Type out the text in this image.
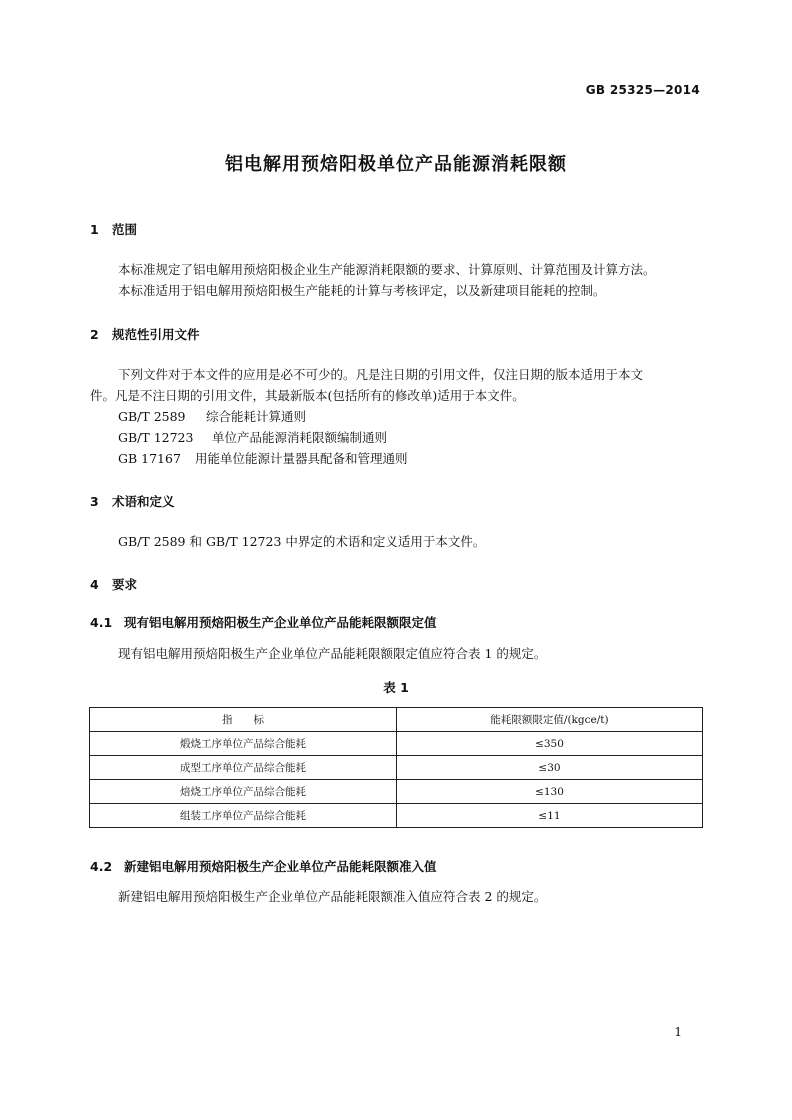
GB 25325—2014
铝电解用预焙阳极单位产品能源消耗限额
1 范围
本标准规定了铝电解用预焙阳极企业生产能源消耗限额的要求、计算原则、计算范围及计算方法。
本标准适用于铝电解用预焙阳极生产能耗的计算与考核评定，以及新建项目能耗的控制。
2 规范性引用文件
下列文件对于本文件的应用是必不可少的。凡是注日期的引用文件，仅注日期的版本适用于本文
件。凡是不注日期的引用文件，其最新版本(包括所有的修改单)适用于本文件。
GB/T 2589 综合能耗计算通则
GB/T 12723 单位产品能源消耗限额编制通则
GB 17167 用能单位能源计量器具配备和管理通则
3 术语和定义
GB/T 2589 和 GB/T 12723 中界定的术语和定义适用于本文件。
4 要求
4.1 现有铝电解用预焙阳极生产企业单位产品能耗限额限定值
现有铝电解用预焙阳极生产企业单位产品能耗限额限定值应符合表 1 的规定。
表 1
指　　标	能耗限额限定值/(kgce/t)
煅烧工序单位产品综合能耗	≤350
成型工序单位产品综合能耗	≤30
焙烧工序单位产品综合能耗	≤130
组装工序单位产品综合能耗	≤11
4.2 新建铝电解用预焙阳极生产企业单位产品能耗限额准入值
新建铝电解用预焙阳极生产企业单位产品能耗限额准入值应符合表 2 的规定。
1
